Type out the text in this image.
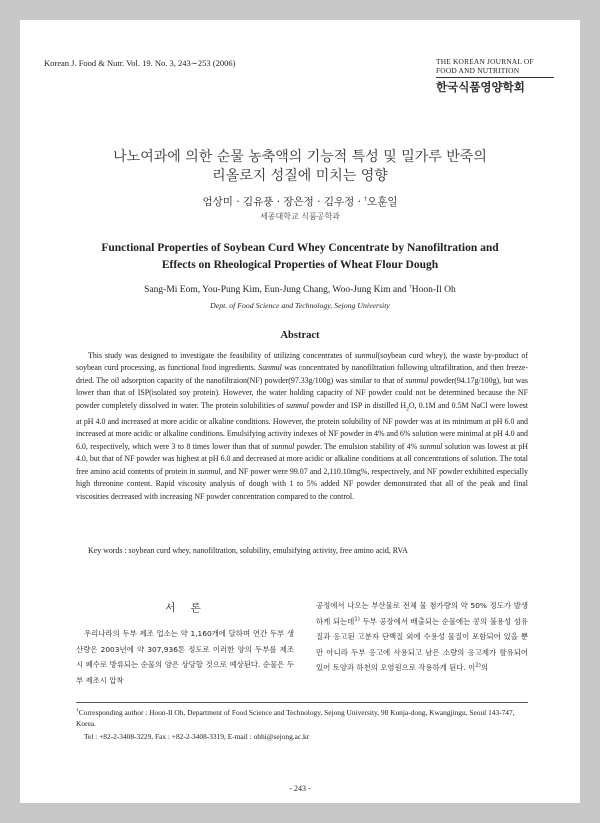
Korean J. Food & Nutr. Vol. 19. No. 3, 243∼253 (2006)	THE KOREAN JOURNAL OF
FOOD AND NUTRITION
한국식품영양학회
나노여과에 의한 순물 농축액의 기능적 특성 및 밀가루 반죽의
리올로지 성질에 미치는 영향
엄상미 · 김유풍 · 장은정 · 김우정 · †오훈일
세종대학교 식품공학과
Functional Properties of Soybean Curd Whey Concentrate by Nanofiltration and
Effects on Rheological Properties of Wheat Flour Dough
Sang-Mi Eom, You-Pung Kim, Eun-Jung Chang, Woo-Jung Kim and †Hoon-Il Oh
Dept. of Food Science and Technology, Sejong University
Abstract

This study was designed to investigate the feasibility of utilizing concentrates of sunmul(soybean curd whey), the waste by-product of soybean curd processing, as functional food ingredients. Sunmul was concentrated by nanofiltration following ultrafiltration, and then freeze-dried. The oil adsorption capacity of the nanofiltraion(NF) powder(97.33g/100g) was similar to that of sunmul powder(94.17g/100g), but was lower than that of ISP(isolated soy protein). However, the water holding capacity of NF powder could not be determined because the NF powder completely dissolved in water. The protein solubilities of sunmul powder and ISP in distilled $H_2O$, 0.1M and 0.5M NaCl were lowest at pH 4.0 and increased at more acidic or alkaline conditions. However, the protein solubility of NF powder was at its minimum at pH 6.0 and increased at more acidic or alkaline conditions. Emulsifying activity indexes of NF powder in 4% and 6% solution were minimal at pH 4.0 and 6.0, respectively, which were 3 to 8 times lower than that of sunmul powder. The emulsion stability of 4% sunmul solution was lowest at pH 4.0, but that of NF powder was highest at pH 6.0 and decreased at more acidic or alkaline conditions at all concentrations of solution. The total free amino acid contents of protein in sunmul, and NF power were 99.07 and 2,110.10mg%, respectively, and NF powder exhibited especially high threonine content. Rapid viscosity analysis of dough with 1 to 5% added NF powder demonstrated that all of the peak and final viscosities decreased with increasing NF powder concentration compared to the control.

Key words : soybean curd whey, nanofiltration, solubility, emulsifying activity, free amino acid, RVA
서 론

우리나라의 두부 제조 업소는 약 1,160개에 달하며 연간 두부 생산량은 2003년에 약 307,936톤 정도로 이러한 양의 두부를 제조시 폐수로 방류되는 순물의 양은 상당할 것으로 예상된다. 순물은 두부 제조시 압착

공정에서 나오는 부산물로 전체 물 첨가량의 약 50% 정도가 발생하게 되는데$^{1)}$ 두부 공장에서 배출되는 순물에는 콩의 불용성 섬유질과 응고된 고분자 단백질 외에 수용성 물질이 포함되어 있을 뿐만 아니라 두부 응고에 사용되고 남은 소량의 응고제가 함유되어 있어 토양과 하천의 오염원으로 작용하게 된다. 이$^{2)}$의

†Corresponding author : Hoon-Il Oh, Department of Food Science and Technology, Sejong University, 98 Kunja-dong, Kwangjingu, Seoul 143-747, Korea.
Tel : +82-2-3408-3229, Fax : +82-2-3408-3319, E-mail : ohhi@sejong.ac.kr
- 243 -
